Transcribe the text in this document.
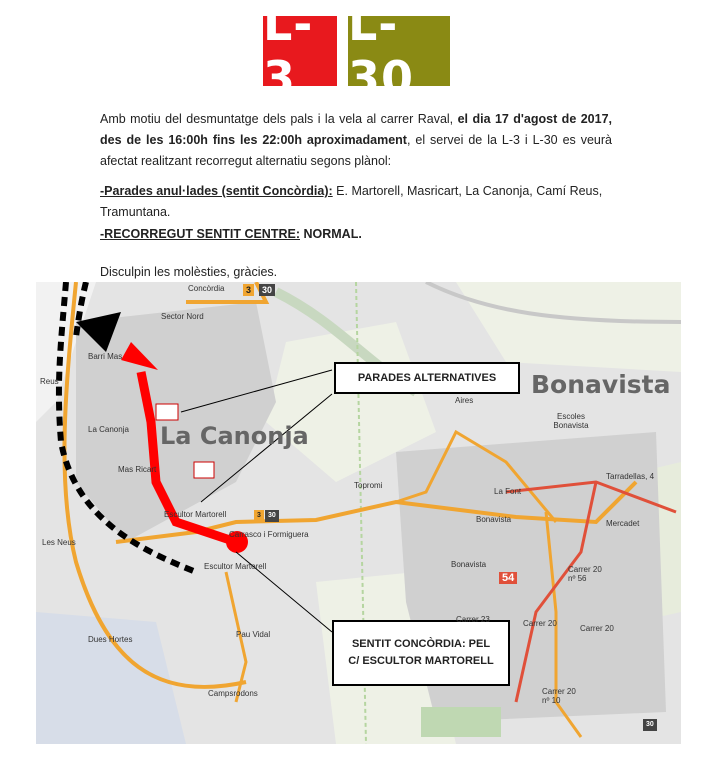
L-3
L-30

Amb motiu del desmuntatge dels pals i la vela al carrer Raval, el dia 17 d'agost de 2017, des de les 16:00h fins les 22:00h aproximadament, el servei de la L-3 i L-30 es veurà afectat realitzant recorregut alternatiu segons plànol:

-Parades anul·lades (sentit Concòrdia): E. Martorell, Masricart, La Canonja, Camí Reus, Tramuntana.

-RECORREGUT SENTIT CENTRE: NORMAL.

Disculpin les molèsties, gràcies.
La Canonja
Bonavista
PARADES ALTERNATIVES
SENTIT CONCÒRDIA: PEL
C/ ESCULTOR MARTORELL
3	30
3	30
54
30
Concòrdia
Sector Nord
Barri Mas
La Canonja
Mas Ricart
Escultor Martorell
Carrasco i Formiguera
Escultor Martorell
Les Neus
Dues Hortes
Pau Vidal
Campsrodons
Topromi
Aires
Escoles Bonavista
Tarradellas, 4
La Font
Bonavista	Mercadet
Bonavista
Carrer 20 nº 56
Carrer 23	Carrer 20
Carrer 20
Carrer 20 nº 10
Reus
